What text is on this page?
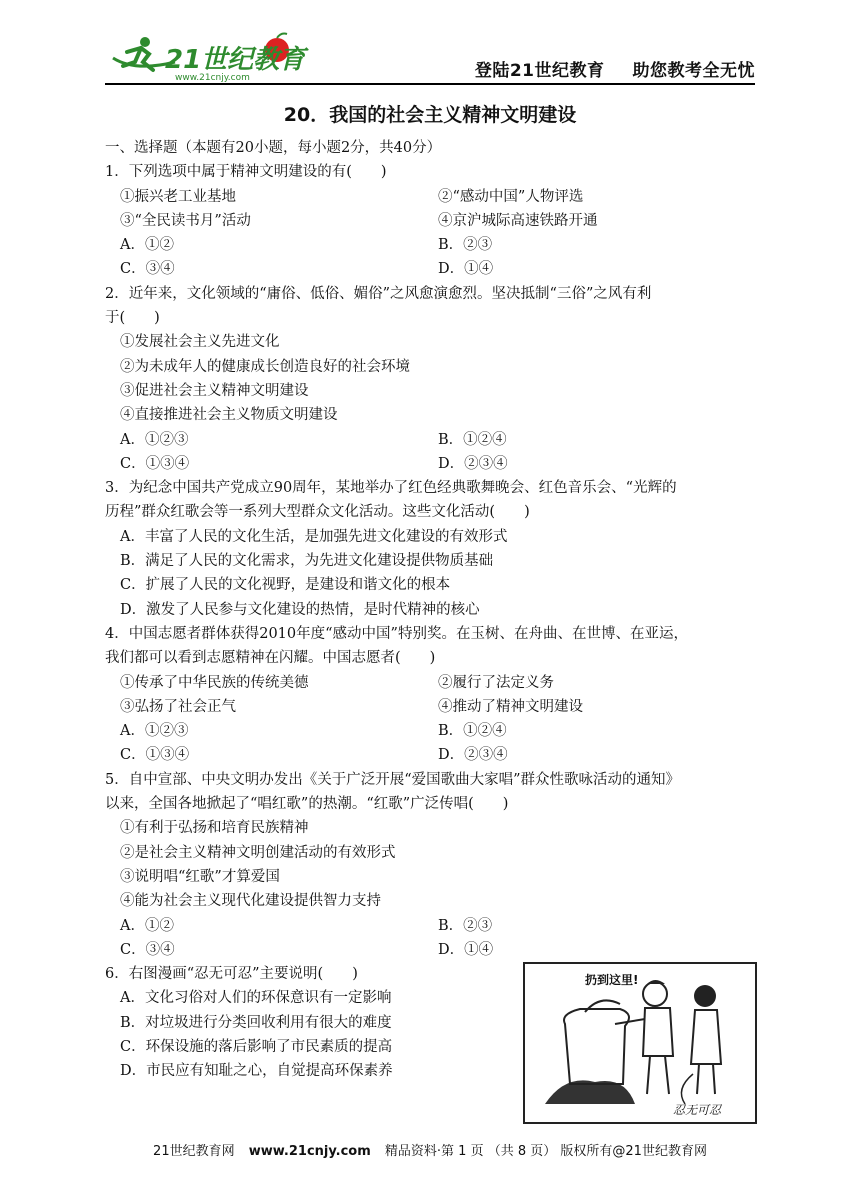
21世纪教育
www.21cnjy.com	登陆21世纪教育 助您教考全无忧
20．我国的社会主义精神文明建设
一、选择题（本题有20小题，每小题2分，共40分）
1．下列选项中属于精神文明建设的有(　　)
①振兴老工业基地	②“感动中国”人物评选
③“全民读书月”活动	④京沪城际高速铁路开通
A．①②	B．②③
C．③④	D．①④
2．近年来，文化领域的“庸俗、低俗、媚俗”之风愈演愈烈。坚决抵制“三俗”之风有利
于(　　)
①发展社会主义先进文化
②为未成年人的健康成长创造良好的社会环境
③促进社会主义精神文明建设
④直接推进社会主义物质文明建设
A．①②③	B．①②④
C．①③④	D．②③④
3．为纪念中国共产党成立90周年，某地举办了红色经典歌舞晚会、红色音乐会、“光辉的
历程”群众红歌会等一系列大型群众文化活动。这些文化活动(　　)
A．丰富了人民的文化生活，是加强先进文化建设的有效形式
B．满足了人民的文化需求，为先进文化建设提供物质基础
C．扩展了人民的文化视野，是建设和谐文化的根本
D．激发了人民参与文化建设的热情，是时代精神的核心
4．中国志愿者群体获得2010年度“感动中国”特别奖。在玉树、在舟曲、在世博、在亚运，
我们都可以看到志愿精神在闪耀。中国志愿者(　　)
①传承了中华民族的传统美德	②履行了法定义务
③弘扬了社会正气	④推动了精神文明建设
A．①②③	B．①②④
C．①③④	D．②③④
5．自中宣部、中央文明办发出《关于广泛开展“爱国歌曲大家唱”群众性歌咏活动的通知》
以来，全国各地掀起了“唱红歌”的热潮。“红歌”广泛传唱(　　)
①有利于弘扬和培育民族精神
②是社会主义精神文明创建活动的有效形式
③说明唱“红歌”才算爱国
④能为社会主义现代化建设提供智力支持
A．①②	B．②③
C．③④	D．①④
6．右图漫画“忍无可忍”主要说明(　　)
A．文化习俗对人们的环保意识有一定影响
B．对垃圾进行分类回收利用有很大的难度
C．环保设施的落后影响了市民素质的提高
D．市民应有知耻之心，自觉提高环保素养
扔到这里!
忍无可忍
21世纪教育网 www.21cnjy.com 精品资料·第 1 页 （共 8 页） 版权所有@21世纪教育网
